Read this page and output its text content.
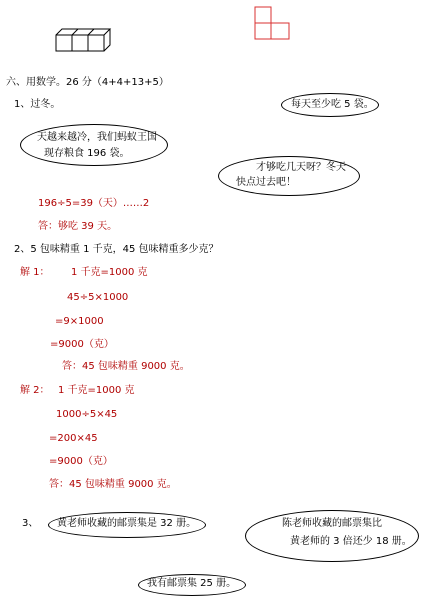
六、用数学。26 分（4+4+13+5）
1、过冬。	每天至少吃 5 袋。
天越来越冷，我们蚂蚁王国
现存粮食 196 袋。
才够吃几天呀？冬天
快点过去吧！
196÷5=39（天）……2
答：够吃 39 天。
2、5 包味精重 1 千克，45 包味精重多少克？
解 1： 1 千克=1000 克
45÷5×1000
=9×1000
=9000（克）
答：45 包味精重 9000 克。
解 2： 1 千克=1000 克
1000÷5×45
=200×45
=9000（克）
答：45 包味精重 9000 克。
3、 黄老师收藏的邮票集是 32 册。	陈老师收藏的邮票集比
黄老师的 3 倍还少 18 册。
我有邮票集 25 册。
